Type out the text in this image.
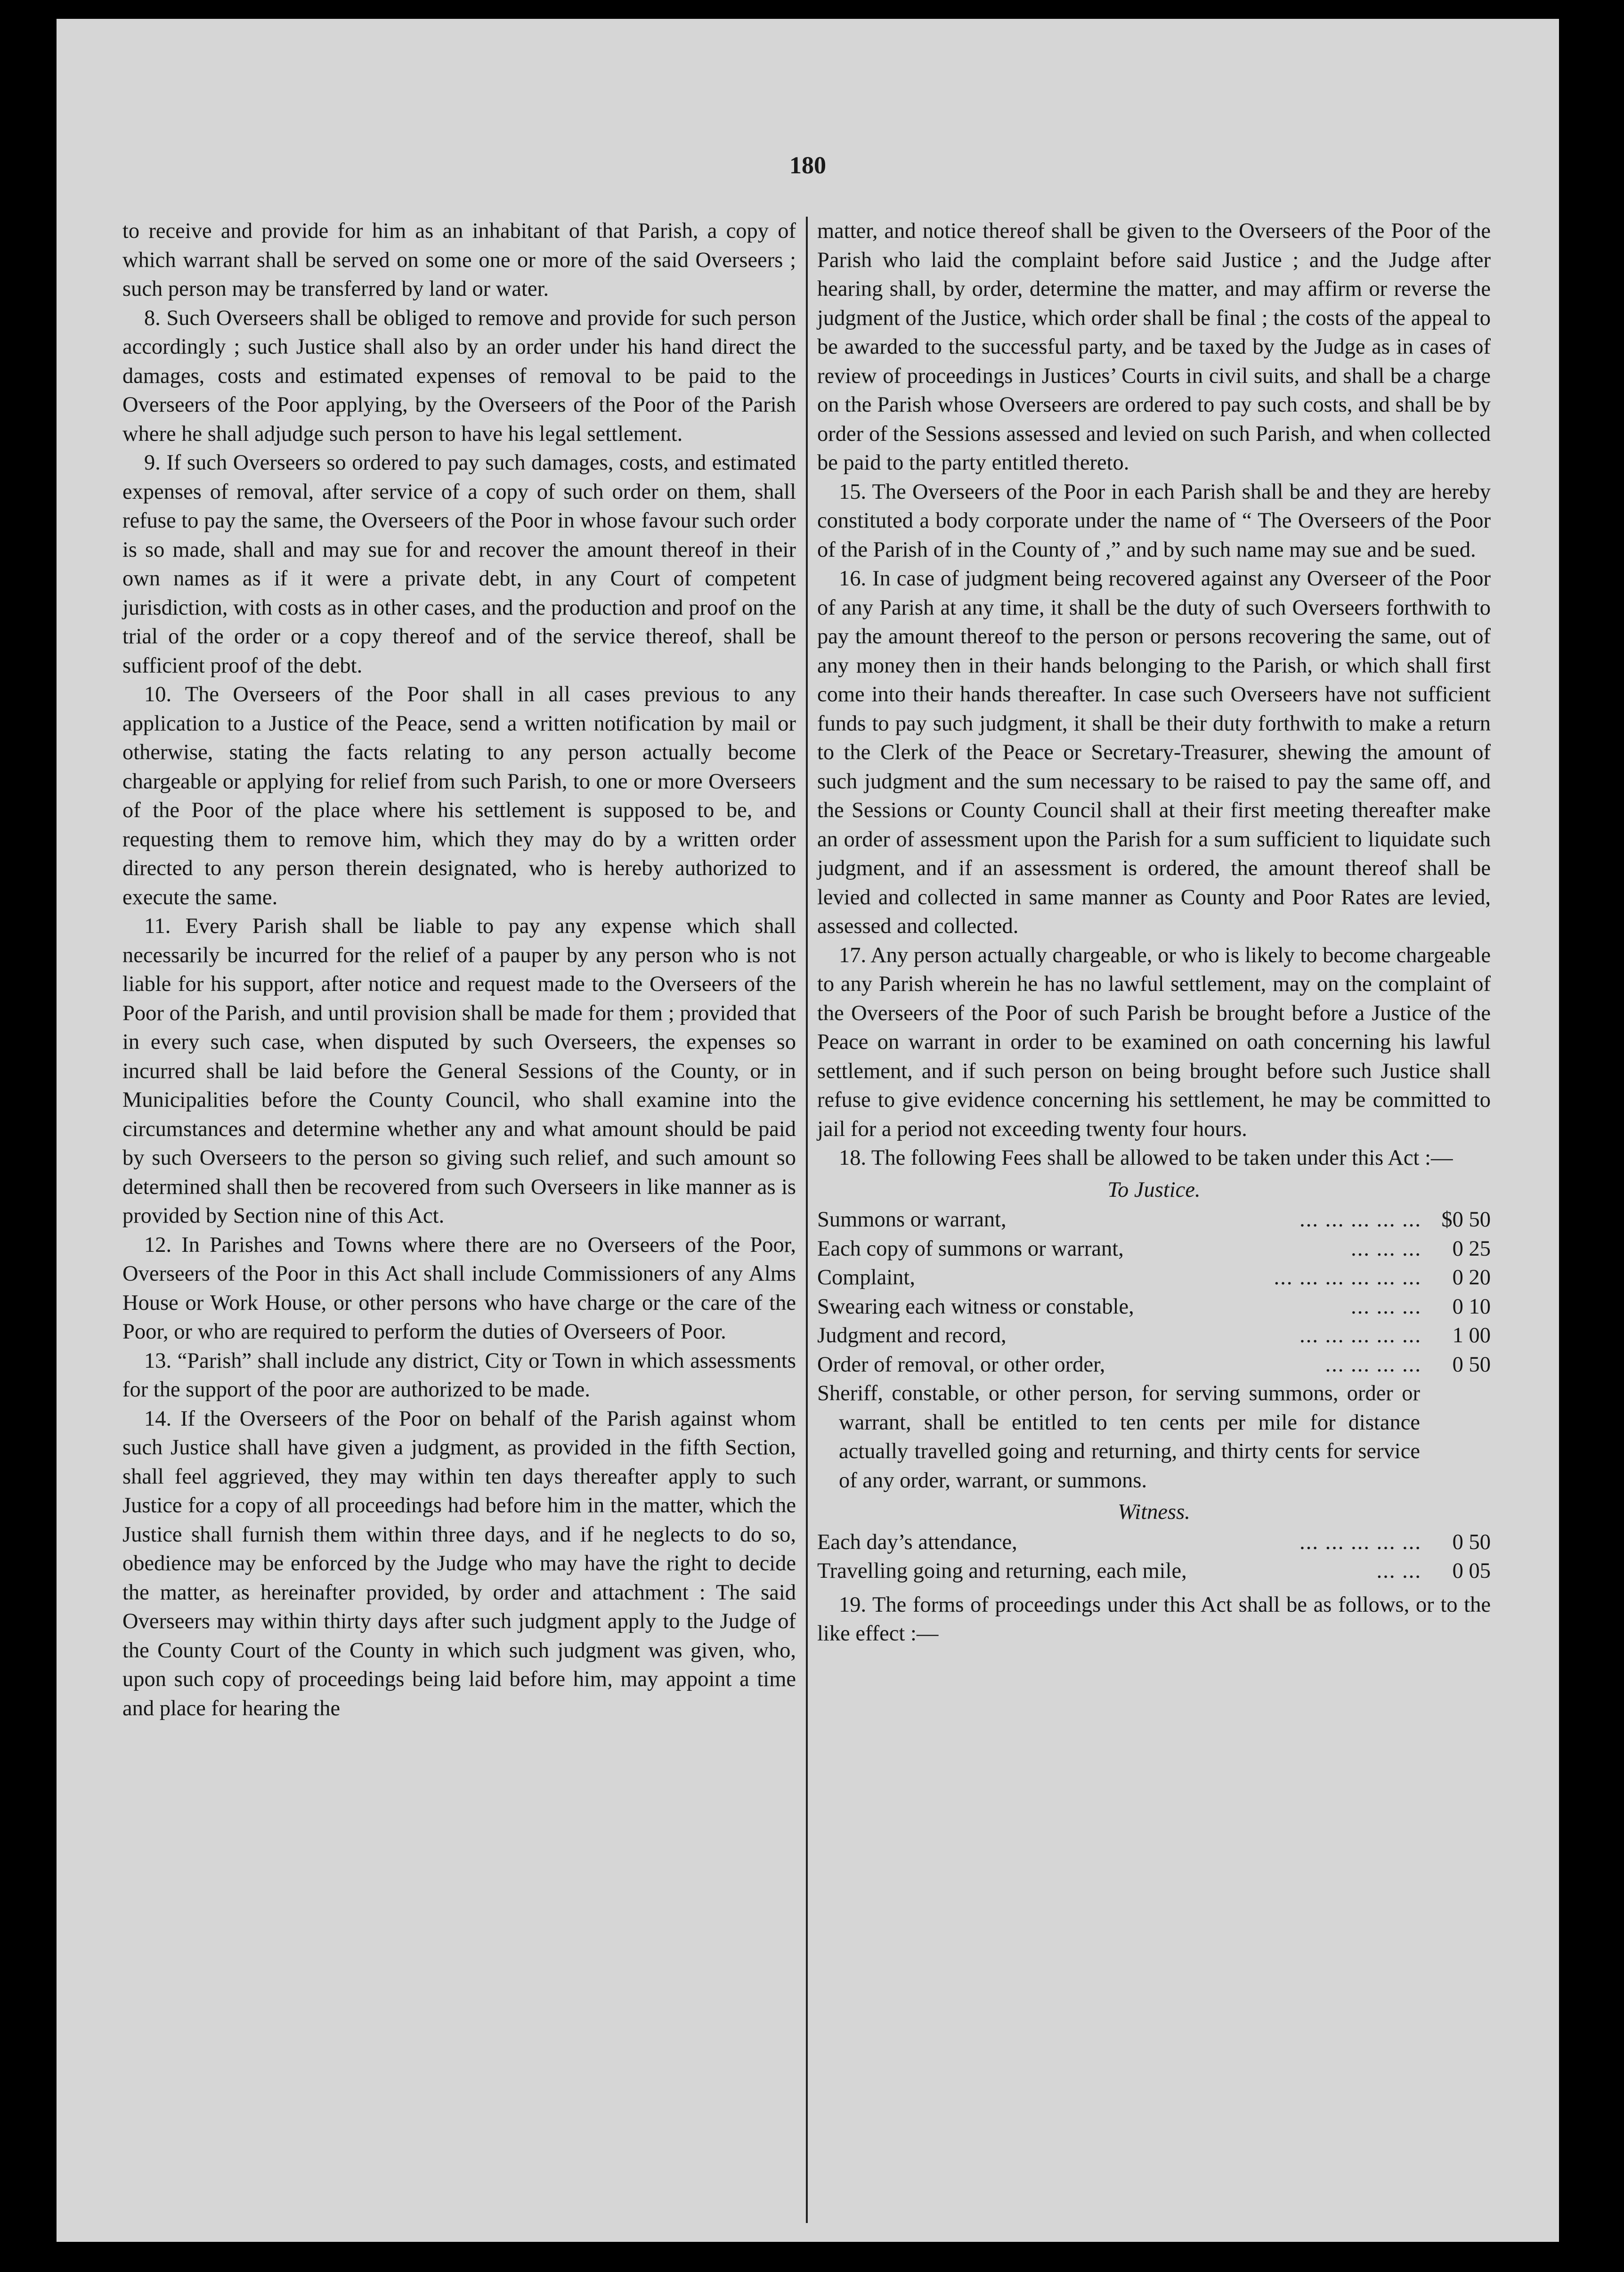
180

to receive and provide for him as an inhabitant of that Parish, a copy of which warrant shall be served on some one or more of the said Overseers ; such person may be transferred by land or water.

8. Such Overseers shall be obliged to remove and provide for such person accordingly ; such Justice shall also by an order under his hand direct the damages, costs and estimated expenses of removal to be paid to the Overseers of the Poor applying, by the Overseers of the Poor of the Parish where he shall adjudge such person to have his legal settlement.

9. If such Overseers so ordered to pay such damages, costs, and estimated expenses of removal, after service of a copy of such order on them, shall refuse to pay the same, the Overseers of the Poor in whose favour such order is so made, shall and may sue for and recover the amount thereof in their own names as if it were a private debt, in any Court of competent jurisdiction, with costs as in other cases, and the production and proof on the trial of the order or a copy thereof and of the service thereof, shall be sufficient proof of the debt.

10. The Overseers of the Poor shall in all cases previous to any application to a Justice of the Peace, send a written notification by mail or otherwise, stating the facts relating to any person actually become chargeable or applying for relief from such Parish, to one or more Overseers of the Poor of the place where his settlement is supposed to be, and requesting them to remove him, which they may do by a written order directed to any person therein designated, who is hereby authorized to execute the same.

11. Every Parish shall be liable to pay any expense which shall necessarily be incurred for the relief of a pauper by any person who is not liable for his support, after notice and request made to the Overseers of the Poor of the Parish, and until provision shall be made for them ; provided that in every such case, when disputed by such Overseers, the expenses so incurred shall be laid before the General Sessions of the County, or in Municipalities before the County Council, who shall examine into the circumstances and determine whether any and what amount should be paid by such Overseers to the person so giving such relief, and such amount so determined shall then be recovered from such Overseers in like manner as is provided by Section nine of this Act.

12. In Parishes and Towns where there are no Overseers of the Poor, Overseers of the Poor in this Act shall include Commissioners of any Alms House or Work House, or other persons who have charge or the care of the Poor, or who are required to perform the duties of Overseers of Poor.

13. “Parish” shall include any district, City or Town in which assessments for the support of the poor are authorized to be made.

14. If the Overseers of the Poor on behalf of the Parish against whom such Justice shall have given a judgment, as provided in the fifth Section, shall feel aggrieved, they may within ten days thereafter apply to such Justice for a copy of all proceedings had before him in the matter, which the Justice shall furnish them within three days, and if he neglects to do so, obedience may be enforced by the Judge who may have the right to decide the matter, as hereinafter provided, by order and attachment : The said Overseers may within thirty days after such judgment apply to the Judge of the County Court of the County in which such judgment was given, who, upon such copy of proceedings being laid before him, may appoint a time and place for hearing the

matter, and notice thereof shall be given to the Overseers of the Poor of the Parish who laid the complaint before said Justice ; and the Judge after hearing shall, by order, determine the matter, and may affirm or reverse the judgment of the Justice, which order shall be final ; the costs of the appeal to be awarded to the successful party, and be taxed by the Judge as in cases of review of proceedings in Justices’ Courts in civil suits, and shall be a charge on the Parish whose Overseers are ordered to pay such costs, and shall be by order of the Sessions assessed and levied on such Parish, and when collected be paid to the party entitled thereto.

15. The Overseers of the Poor in each Parish shall be and they are hereby constituted a body corporate under the name of “ The Overseers of the Poor of the Parish of in the County of ,” and by such name may sue and be sued.

16. In case of judgment being recovered against any Overseer of the Poor of any Parish at any time, it shall be the duty of such Overseers forthwith to pay the amount thereof to the person or persons recovering the same, out of any money then in their hands belonging to the Parish, or which shall first come into their hands thereafter. In case such Overseers have not sufficient funds to pay such judgment, it shall be their duty forthwith to make a return to the Clerk of the Peace or Secretary-Treasurer, shewing the amount of such judgment and the sum necessary to be raised to pay the same off, and the Sessions or County Council shall at their first meeting thereafter make an order of assessment upon the Parish for a sum sufficient to liquidate such judgment, and if an assessment is ordered, the amount thereof shall be levied and collected in same manner as County and Poor Rates are levied, assessed and collected.

17. Any person actually chargeable, or who is likely to become chargeable to any Parish wherein he has no lawful settlement, may on the complaint of the Overseers of the Poor of such Parish be brought before a Justice of the Peace on warrant in order to be examined on oath concerning his lawful settlement, and if such person on being brought before such Justice shall refuse to give evidence concerning his settlement, he may be committed to jail for a period not exceeding twenty four hours.

18. The following Fees shall be allowed to be taken under this Act :—

To Justice.
Summons or warrant,	... ... ... ... ... $0 50
Each copy of summons or warrant,	... ... ...	0 25
Complaint,	... ... ... ... ... ...	0 20
Swearing each witness or constable,	... ... ...	0 10
Judgment and record,	... ... ... ... ...	1 00
Order of removal, or other order,	... ... ... ...	0 50

Sheriff, constable, or other person, for serving summons, order or warrant, shall be entitled to ten cents per mile for distance actually travelled going and returning, and thirty cents for service of any order, warrant, or summons.

Witness.
Each day’s attendance,	... ... ... ... ...	0 50
Travelling going and returning, each mile,	... ...	0 05

19. The forms of proceedings under this Act shall be as follows, or to the like effect :—
